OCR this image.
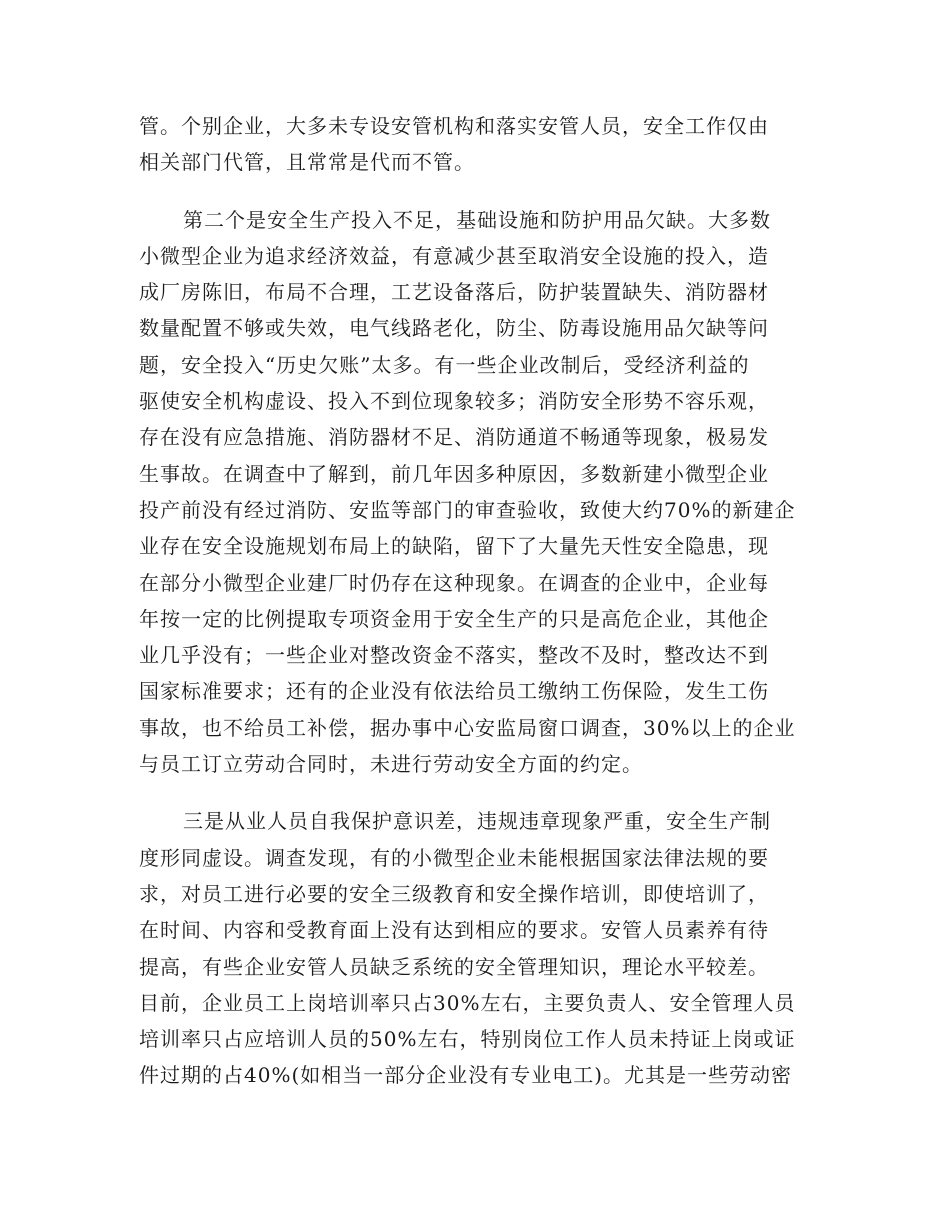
管。个别企业，大多未专设安管机构和落实安管人员，安全工作仅由
相关部门代管，且常常是代而不管。
第二个是安全生产投入不足，基础设施和防护用品欠缺。大多数
小微型企业为追求经济效益，有意减少甚至取消安全设施的投入，造
成厂房陈旧，布局不合理，工艺设备落后，防护装置缺失、消防器材
数量配置不够或失效，电气线路老化，防尘、防毒设施用品欠缺等问
题，安全投入“历史欠账”太多。有一些企业改制后，受经济利益的
驱使安全机构虚设、投入不到位现象较多；消防安全形势不容乐观，
存在没有应急措施、消防器材不足、消防通道不畅通等现象，极易发
生事故。在调查中了解到，前几年因多种原因，多数新建小微型企业
投产前没有经过消防、安监等部门的审查验收，致使大约70%的新建企
业存在安全设施规划布局上的缺陷，留下了大量先天性安全隐患，现
在部分小微型企业建厂时仍存在这种现象。在调查的企业中，企业每
年按一定的比例提取专项资金用于安全生产的只是高危企业，其他企
业几乎没有；一些企业对整改资金不落实，整改不及时，整改达不到
国家标准要求；还有的企业没有依法给员工缴纳工伤保险，发生工伤
事故，也不给员工补偿，据办事中心安监局窗口调查，30%以上的企业
与员工订立劳动合同时，未进行劳动安全方面的约定。
三是从业人员自我保护意识差，违规违章现象严重，安全生产制
度形同虚设。调查发现，有的小微型企业未能根据国家法律法规的要
求，对员工进行必要的安全三级教育和安全操作培训，即使培训了，
在时间、内容和受教育面上没有达到相应的要求。安管人员素养有待
提高，有些企业安管人员缺乏系统的安全管理知识，理论水平较差。
目前，企业员工上岗培训率只占30%左右，主要负责人、安全管理人员
培训率只占应培训人员的50%左右，特别岗位工作人员未持证上岗或证
件过期的占40%(如相当一部分企业没有专业电工)。尤其是一些劳动密
